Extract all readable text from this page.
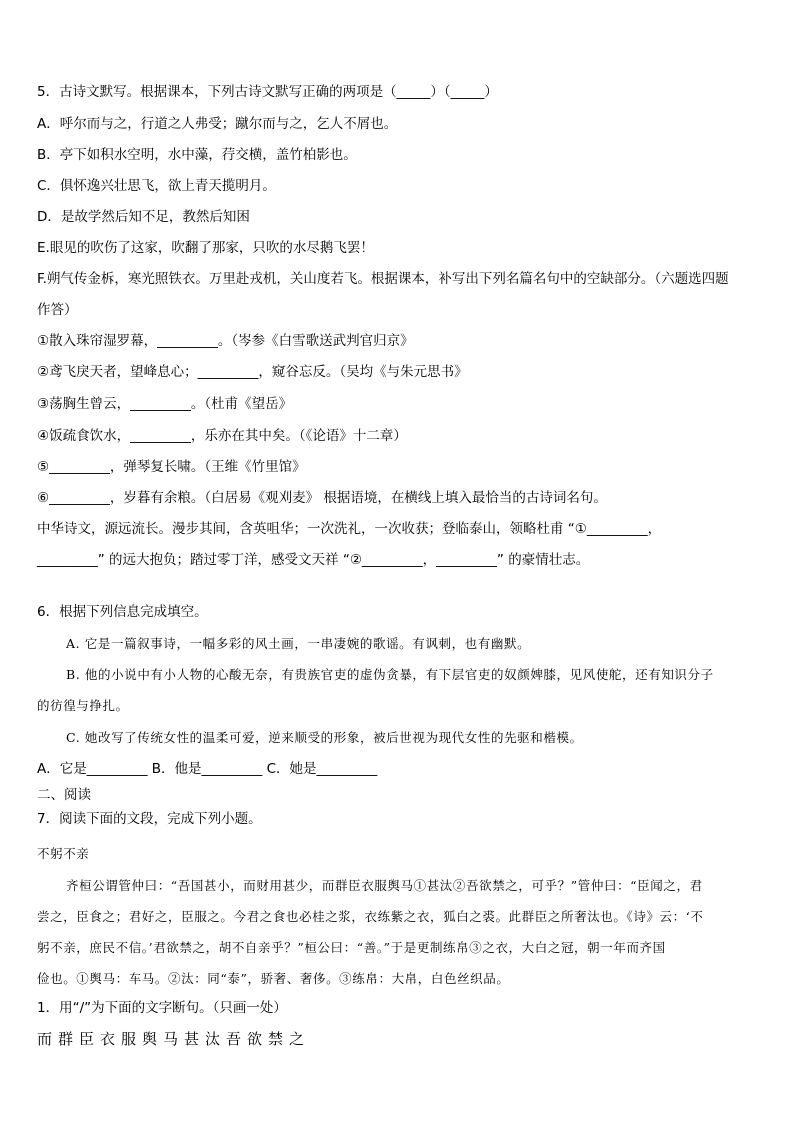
5．古诗文默写。根据课本，下列古诗文默写正确的两项是（_____）（_____）
A．呼尔而与之，行道之人弗受；蹴尔而与之，乞人不屑也。
B．亭下如积水空明，水中藻，荇交横，盖竹柏影也。
C．俱怀逸兴壮思飞，欲上青天揽明月。
D．是故学然后知不足，教然后知困
E.眼见的吹伤了这家，吹翻了那家，只吹的水尽鹅飞罢！
F.朔气传金柝，寒光照铁衣。万里赴戎机，关山度若飞。根据课本，补写出下列名篇名句中的空缺部分。（六题选四题
作答）
①散入珠帘湿罗幕，_________。（岑参《白雪歌送武判官归京》
②鸢飞戾天者，望峰息心；_________，窥谷忘反。（吴均《与朱元思书》
③荡胸生曾云，_________。（杜甫《望岳》
④饭疏食饮水，_________，乐亦在其中矣。（《论语》十二章）
⑤_________，弹琴复长啸。（王维《竹里馆》
⑥_________，岁暮有余粮。（白居易《观刈麦》 根据语境，在横线上填入最恰当的古诗词名句。
中华诗文，源远流长。漫步其间，含英咀华；一次洗礼，一次收获；登临泰山，领略杜甫 “①_________，
_________” 的远大抱负；踏过零丁洋，感受文天祥 “②_________，_________” 的豪情壮志。
6．根据下列信息完成填空。
A. 它是一篇叙事诗，一幅多彩的风土画，一串凄婉的歌谣。有讽刺，也有幽默。
B. 他的小说中有小人物的心酸无奈，有贵族官吏的虚伪贪暴，有下层官吏的奴颜婢膝，见风使舵，还有知识分子
的彷徨与挣扎。
C. 她改写了传统女性的温柔可爱，逆来顺受的形象，被后世视为现代女性的先驱和楷模。
A．它是_________ B．他是_________ C．她是_________
二、阅读
7．阅读下面的文段，完成下列小题。
不躬不亲
齐桓公谓管仲曰：“吾国甚小，而财用甚少，而群臣衣服舆马①甚汰②吾欲禁之，可乎？”管仲曰：“臣闻之，君
尝之，臣食之；君好之，臣服之。今君之食也必桂之浆，衣练紫之衣，狐白之裘。此群臣之所奢汰也。《诗》云：‘不
躬不亲，庶民不信。’君欲禁之，胡不自亲乎？”桓公曰：“善。”于是更制练帛③之衣，大白之冠，朝一年而齐国
俭也。①舆马：车马。②汰：同“泰”，骄奢、奢侈。③练帛：大帛，白色丝织品。
1．用“/”为下面的文字断句。（只画一处）
而群臣衣服舆马甚汰吾欲禁之
